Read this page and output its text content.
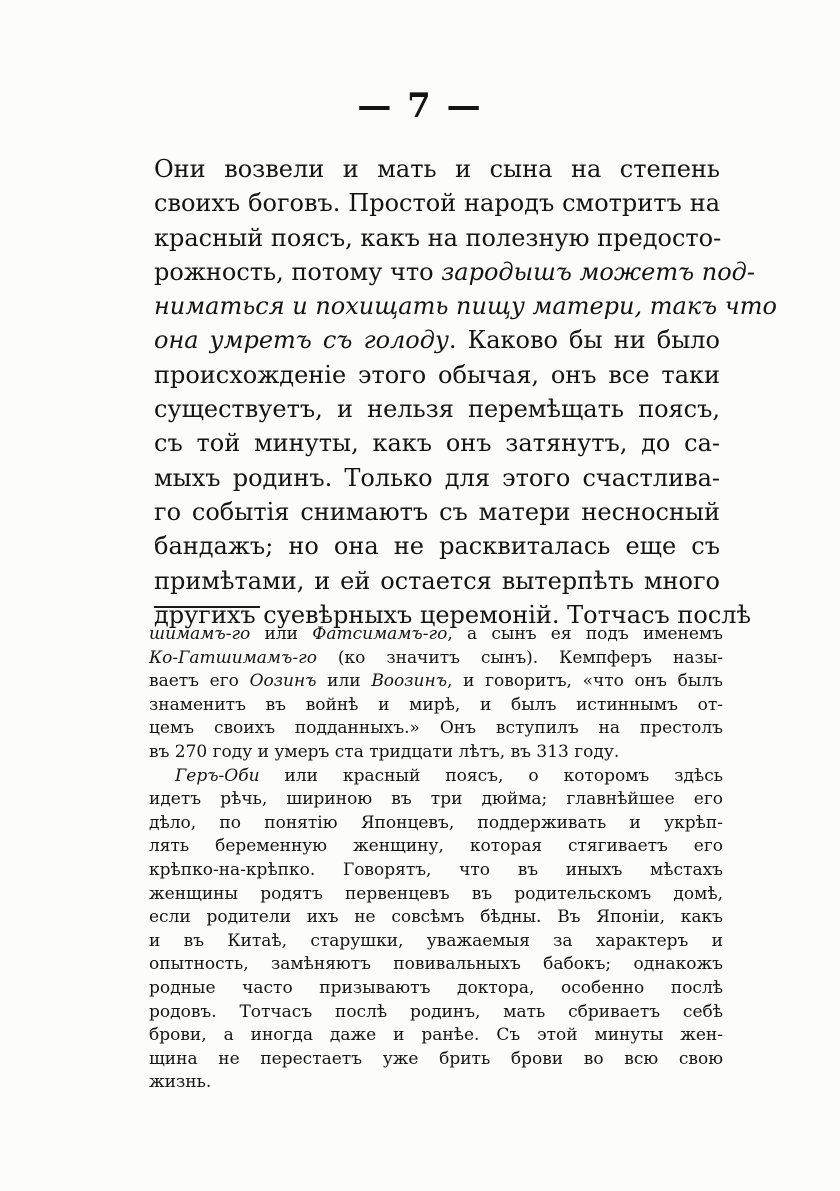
— 7 —
Они возвели и мать и сына на степень
своихъ боговъ. Простой народъ смотритъ на
красный поясъ, какъ на полезную предосто-
рожность, потому что зародышъ можетъ под-
ниматься и похищать пищу матери, такъ что
она умретъ съ голоду. Каково бы ни было
происхожденіе этого обычая, онъ все таки
существуетъ, и нельзя перемѣщать поясъ,
съ той минуты, какъ онъ затянутъ, до са-
мыхъ родинъ. Только для этого счастлива-
го событія снимаютъ съ матери несносный
бандажъ; но она не расквиталась еще съ
примѣтами, и ей остается вытерпѣть много
другихъ суевѣрныхъ церемоній. Тотчасъ послѣ
шимамъ-го или Фатсимамъ-го, а сынъ ея подъ именемъ
Ко-Гатшимамъ-го (ко значитъ сынъ). Кемпферъ назы-
ваетъ его Оозинъ или Воозинъ, и говоритъ, «что онъ былъ
знаменитъ въ войнѣ и мирѣ, и былъ истиннымъ от-
цемъ своихъ подданныхъ.» Онъ вступилъ на престолъ
въ 270 году и умеръ ста тридцати лѣтъ, въ 313 году.
Геръ-Оби или красный поясъ, о которомъ здѣсь
идетъ рѣчь, шириною въ три дюйма; главнѣйшее его
дѣло, по понятію Японцевъ, поддерживать и укрѣп-
лять беременную женщину, которая стягиваетъ его
крѣпко-на-крѣпко. Говорятъ, что въ иныхъ мѣстахъ
женщины родятъ первенцевъ въ родительскомъ домѣ,
если родители ихъ не совсѣмъ бѣдны. Въ Японіи, какъ
и въ Китаѣ, старушки, уважаемыя за характеръ и
опытность, замѣняютъ повивальныхъ бабокъ; однакожъ
родные часто призываютъ доктора, особенно послѣ
родовъ. Тотчасъ послѣ родинъ, мать сбриваетъ себѣ
брови, а иногда даже и ранѣе. Съ этой минуты жен-
щина не перестаетъ уже брить брови во всю свою
жизнь.
